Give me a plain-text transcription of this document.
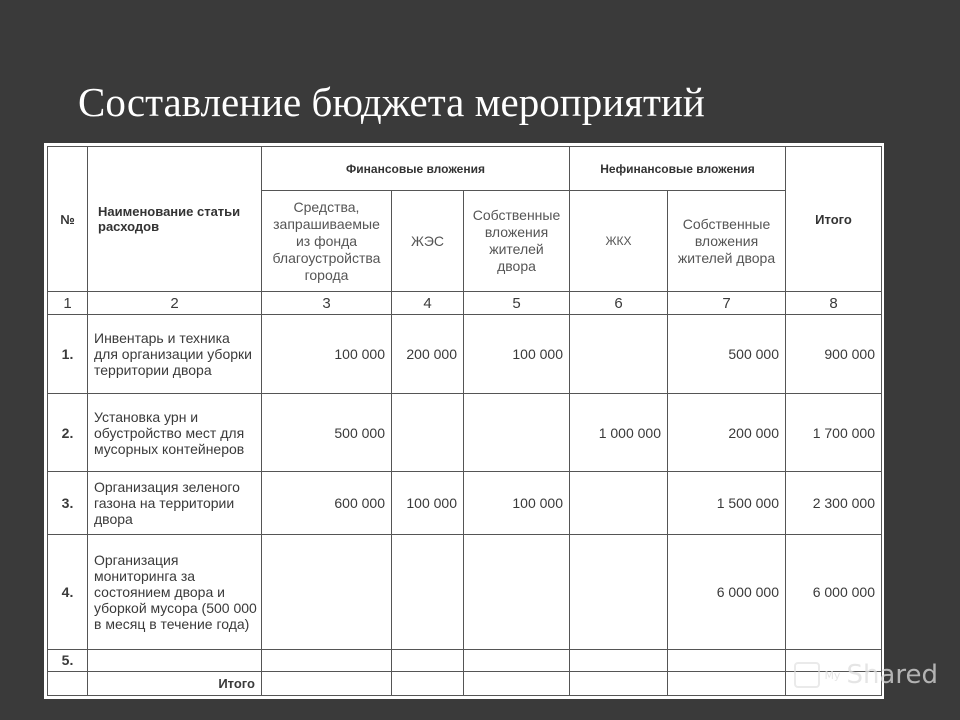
Составление бюджета мероприятий
№	Наименование статьи расходов	Финансовые вложения			Нефинансовые вложения		Итого
		Средства, запрашиваемые из фонда благоустройства города	ЖЭС	Собственные вложения жителей двора	ЖКХ	Собственные вложения жителей двора	
1	2	3	4	5	6	7	8
1.	Инвентарь и техника для организации уборки территории двора	100 000	200 000	100 000		500 000	900 000
2.	Установка урн и обустройство мест для мусорных контейнеров	500 000			1 000 000	200 000	1 700 000
3.	Организация зеленого газона на территории двора	600 000	100 000	100 000		1 500 000	2 300 000
4.	Организация мониторинга за состоянием двора и уборкой мусора (500 000 в месяц в течение года)					6 000 000	6 000 000
5.							
	Итого						
Мy Shared
